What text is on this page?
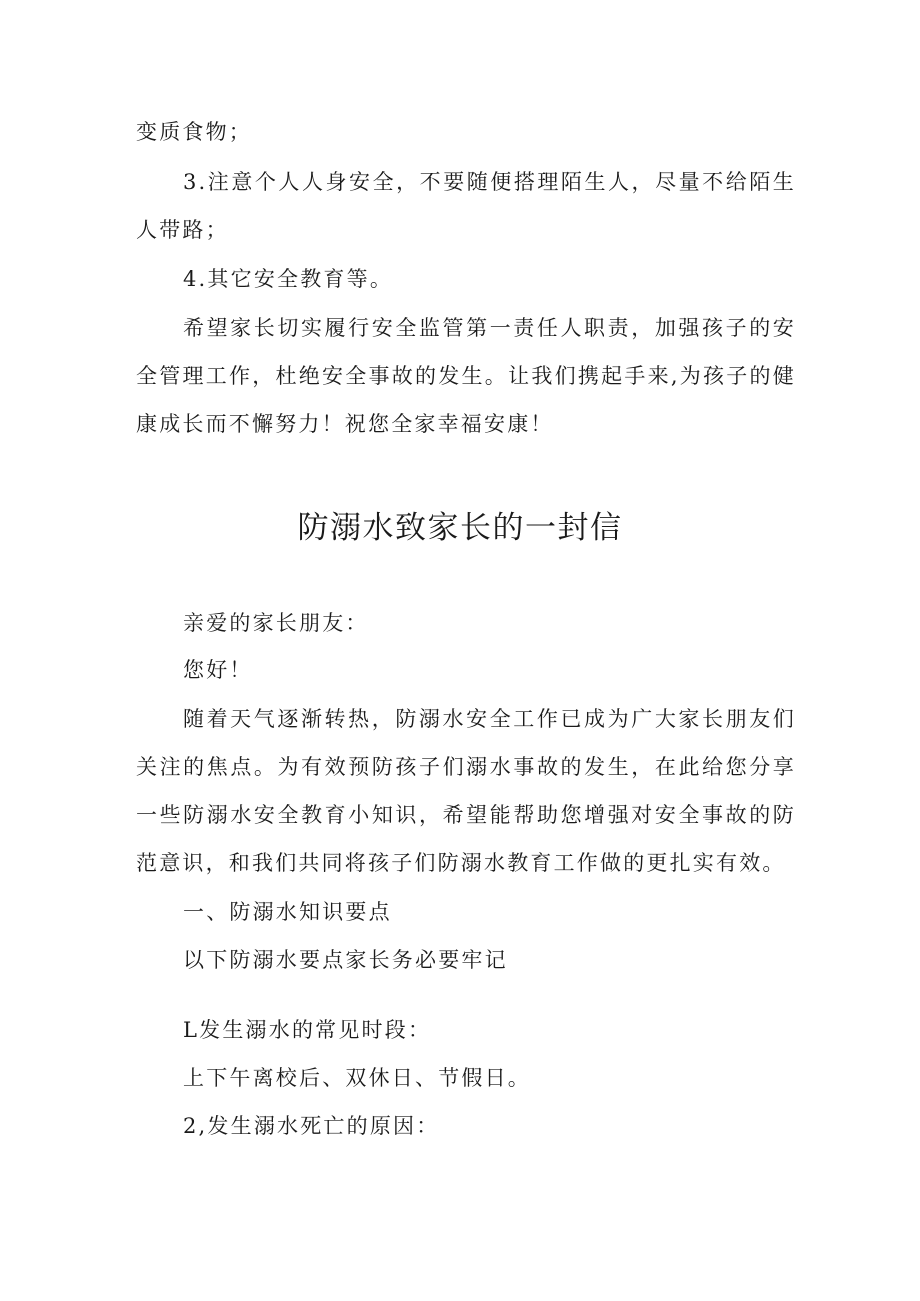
变质食物；

3.注意个人人身安全，不要随便搭理陌生人，尽量不给陌生人带路；

4.其它安全教育等。

希望家长切实履行安全监管第一责任人职责，加强孩子的安全管理工作，杜绝安全事故的发生。让我们携起手来,为孩子的健康成长而不懈努力！祝您全家幸福安康！

防溺水致家长的一封信

亲爱的家长朋友：

您好！

随着天气逐渐转热，防溺水安全工作已成为广大家长朋友们关注的焦点。为有效预防孩子们溺水事故的发生，在此给您分享一些防溺水安全教育小知识，希望能帮助您增强对安全事故的防范意识，和我们共同将孩子们防溺水教育工作做的更扎实有效。

一、防溺水知识要点

以下防溺水要点家长务必要牢记

L发生溺水的常见时段：

上下午离校后、双休日、节假日。

2,发生溺水死亡的原因：
